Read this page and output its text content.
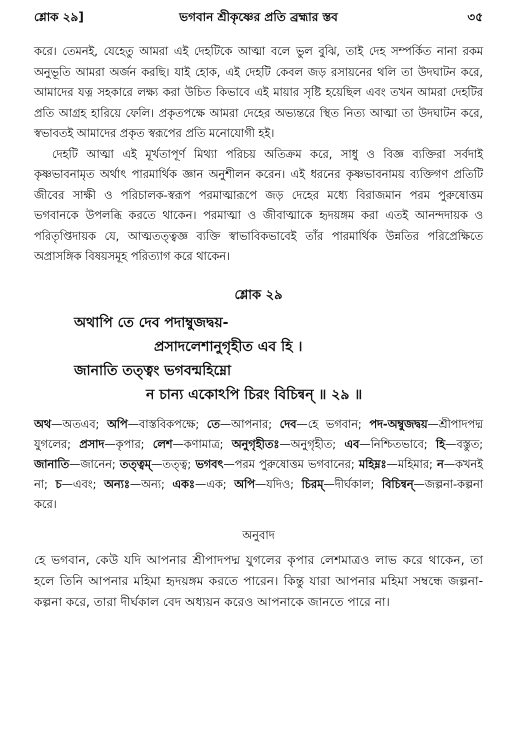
শ্লোক ২৯]	ভগবান শ্রীকৃষ্ণের প্রতি ব্রহ্মার স্তব	৩৫

করে। তেমনই, যেহেতু আমরা এই দেহটিকে আত্মা বলে ভুল বুঝি, তাই দেহ সম্পর্কিত নানা রকম অনুভূতি আমরা অর্জন করছি। যাই হোক, এই দেহটি কেবল জড় রসায়নের থলি তা উদঘাটন করে, আমাদের যত্ন সহকারে লক্ষ্য করা উচিত কিভাবে এই মায়ার সৃষ্টি হয়েছিল এবং তখন আমরা দেহটির প্রতি আগ্রহ হারিয়ে ফেলি। প্রকৃতপক্ষে আমরা দেহের অভ্যন্তরে স্থিত নিত্য আত্মা তা উদঘাটন করে, স্বভাবতই আমাদের প্রকৃত স্বরূপের প্রতি মনোযোগী হই।

দেহটি আত্মা এই মূর্খতাপূর্ণ মিথ্যা পরিচয় অতিক্রম করে, সাধু ও বিজ্ঞ ব্যক্তিরা সর্বদাই কৃষ্ণভাবনামৃত অর্থাৎ পারমার্থিক জ্ঞান অনুশীলন করেন। এই ধরনের কৃষ্ণভাবনাময় ব্যক্তিগণ প্রতিটি জীবের সাক্ষী ও পরিচালক-স্বরূপ পরমাত্মারূপে জড় দেহের মধ্যে বিরাজমান পরম পুরুষোত্তম ভগবানকে উপলব্ধি করতে থাকেন। পরমাত্মা ও জীবাত্মাকে হৃদয়ঙ্গম করা এতই আনন্দদায়ক ও পরিতৃপ্তিদায়ক যে, আত্মতত্ত্বজ্ঞ ব্যক্তি স্বাভাবিকভাবেই তাঁর পারমার্থিক উন্নতির পরিপ্রেক্ষিতে অপ্রাসঙ্গিক বিষয়সমূহ পরিত্যাগ করে থাকেন।

শ্লোক ২৯
অথাপি তে দেব পদাম্বুজদ্বয়-
প্রসাদলেশানুগৃহীত এব হি ।
জানাতি তত্ত্বং ভগবন্মহিম্নো
ন চান্য একোঽপি চিরং বিচিন্বন্ ॥ ২৯ ॥
অথ—অতএব; অপি—বাস্তবিকপক্ষে; তে—আপনার; দেব—হে ভগবান; পদ-অম্বুজদ্বয়—শ্রীপাদপদ্ম যুগলের; প্রসাদ—কৃপার; লেশ—কণামাত্র; অনুগৃহীতঃ—অনুগৃহীত; এব—নিশ্চিতভাবে; হি—বস্তুত; জানাতি—জানেন; তত্ত্বম্—তত্ত্ব; ভগবৎ—পরম পুরুষোত্তম ভগবানের; মহিম্নঃ—মহিমার; ন—কখনই না; চ—এবং; অন্যঃ—অন্য; একঃ—এক; অপি—যদিও; চিরম্—দীর্ঘকাল; বিচিন্বন্—জল্পনা-কল্পনা করে।
অনুবাদ
হে ভগবান, কেউ যদি আপনার শ্রীপাদপদ্ম যুগলের কৃপার লেশমাত্রও লাভ করে থাকেন, তা হলে তিনি আপনার মহিমা হৃদয়ঙ্গম করতে পারেন। কিন্তু যারা আপনার মহিমা সম্বন্ধে জল্পনা-কল্পনা করে, তারা দীর্ঘকাল বেদ অধ্যয়ন করেও আপনাকে জানতে পারে না।
